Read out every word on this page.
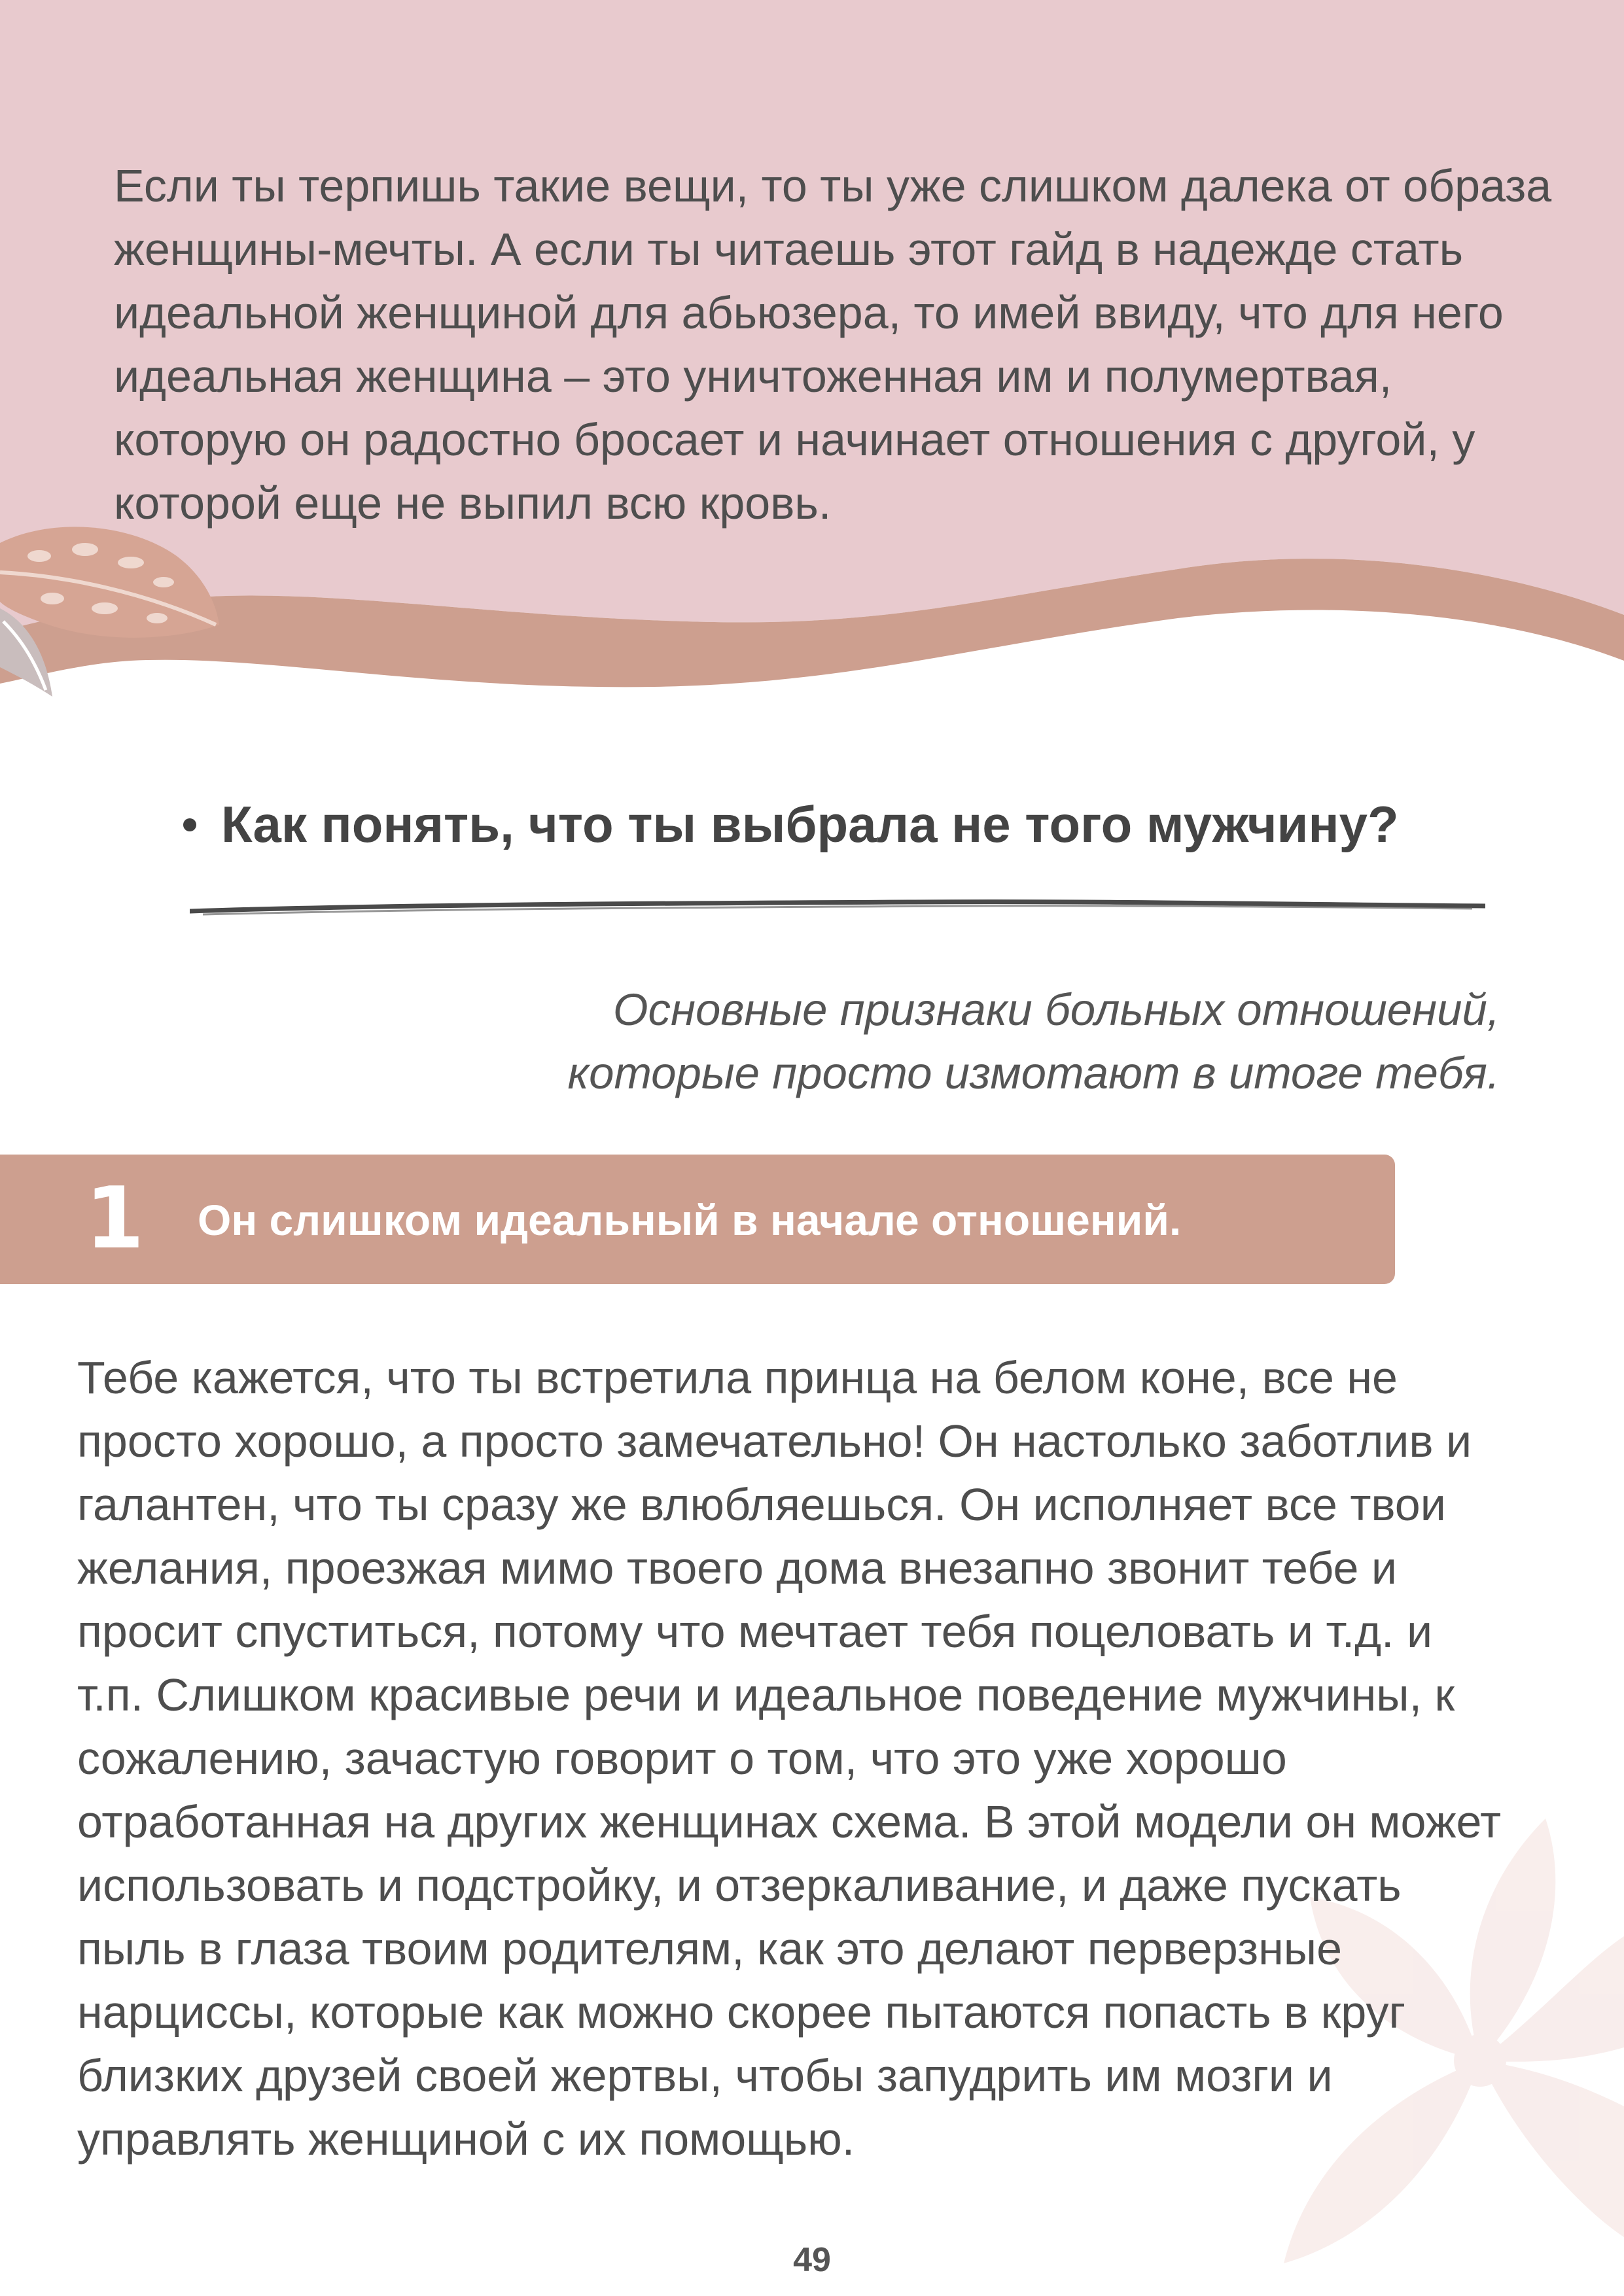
Если ты терпишь такие вещи, то ты уже слишком далека от образа
женщины-мечты. А если ты читаешь этот гайд в надежде стать
идеальной женщиной для абьюзера, то имей ввиду, что для него
идеальная женщина – это уничтоженная им и полумертвая,
которую он радостно бросает и начинает отношения с другой, у
которой еще не выпил всю кровь.

Как понять, что ты выбрала не того мужчину?

Основные признаки больных отношений,
которые просто измотают в итоге тебя.

1 Он слишком идеальный в начале отношений.

Тебе кажется, что ты встретила принца на белом коне, все не
просто хорошо, а просто замечательно! Он настолько заботлив и
галантен, что ты сразу же влюбляешься. Он исполняет все твои
желания, проезжая мимо твоего дома внезапно звонит тебе и
просит спуститься, потому что мечтает тебя поцеловать и т.д. и
т.п. Слишком красивые речи и идеальное поведение мужчины, к
сожалению, зачастую говорит о том, что это уже хорошо
отработанная на других женщинах схема. В этой модели он может
использовать и подстройку, и отзеркаливание, и даже пускать
пыль в глаза твоим родителям, как это делают перверзные
нарциссы, которые как можно скорее пытаются попасть в круг
близких друзей своей жертвы, чтобы запудрить им мозги и
управлять женщиной с их помощью.

49
